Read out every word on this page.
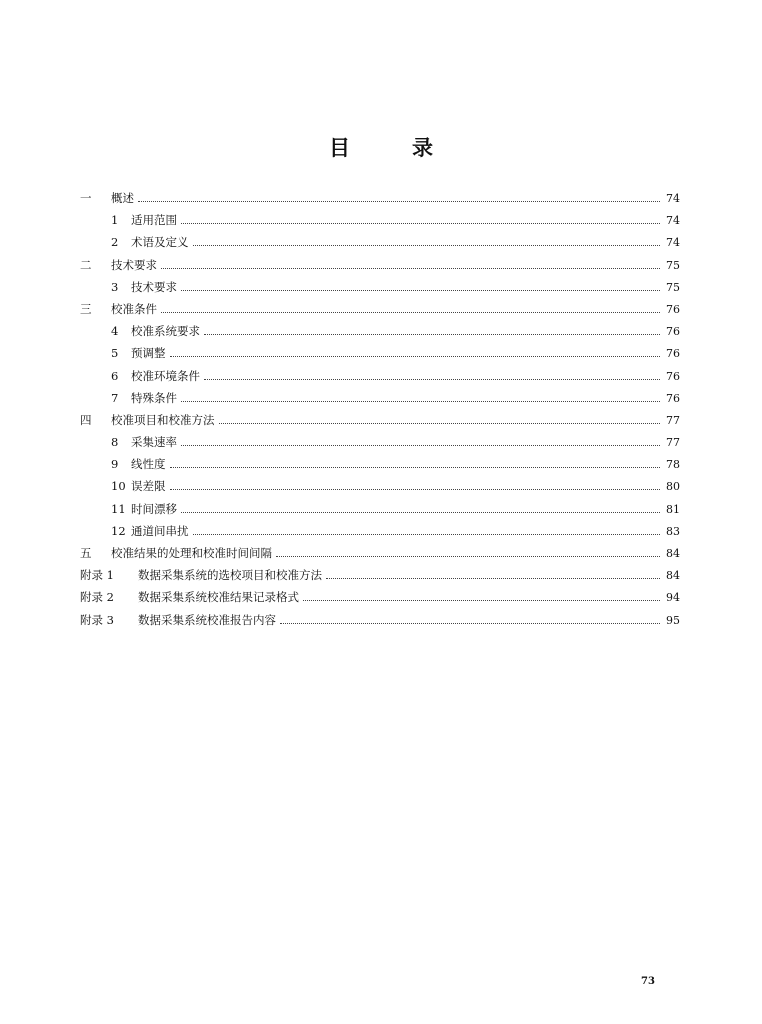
目	录
一	概述	74
1	适用范围	74
2	术语及定义	74
二	技术要求	75
3	技术要求	75
三	校准条件	76
4	校准系统要求	76
5	预调整	76
6	校准环境条件	76
7	特殊条件	76
四	校准项目和校准方法	77
8	采集速率	77
9	线性度	78
10 误差限	80
11 时间漂移	81
12 通道间串扰	83
五	校准结果的处理和校准时间间隔	84
附录 1	数据采集系统的选校项目和校准方法	84
附录 2	数据采集系统校准结果记录格式	94
附录 3	数据采集系统校准报告内容	95
73
